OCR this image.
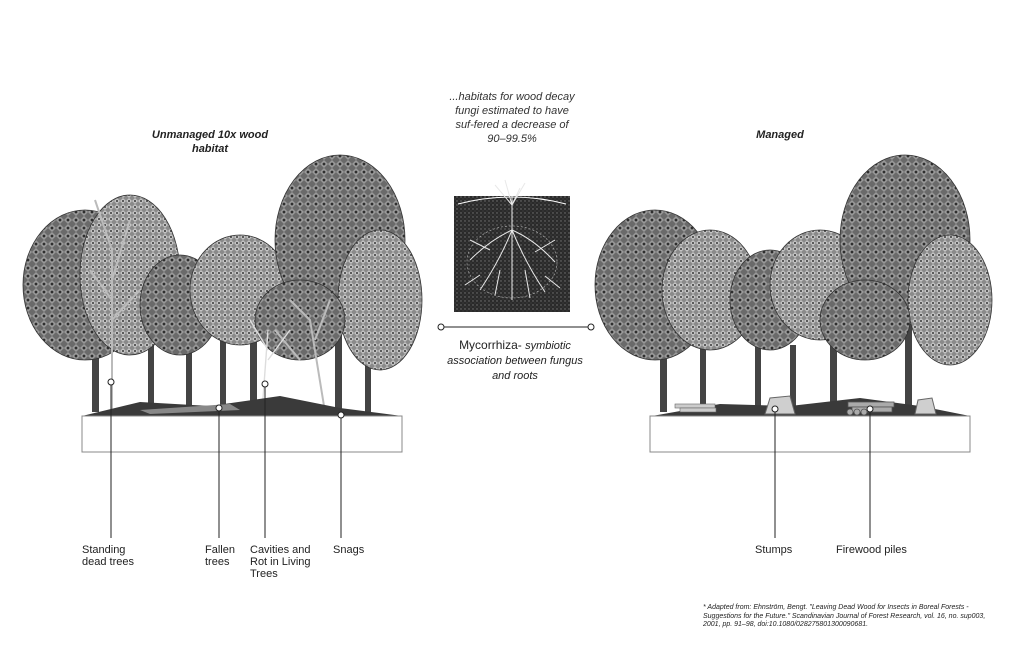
Unmanaged 10x wood habitat
Managed
...habitats for wood decay fungi estimated to have suf-fered a decrease of 90–99.5%
Mycorrhiza- symbiotic association between fungus and roots
Standing dead trees
Fallen trees
Cavities and Rot in Living Trees
Snags	Stumps	Firewood piles
* Adapted from: Ehnström, Bengt. "Leaving Dead Wood for Insects in Boreal Forests - Suggestions for the Future." Scandinavian Journal of Forest Research, vol. 16, no. sup003, 2001, pp. 91–98, doi:10.1080/028275801300090681.
